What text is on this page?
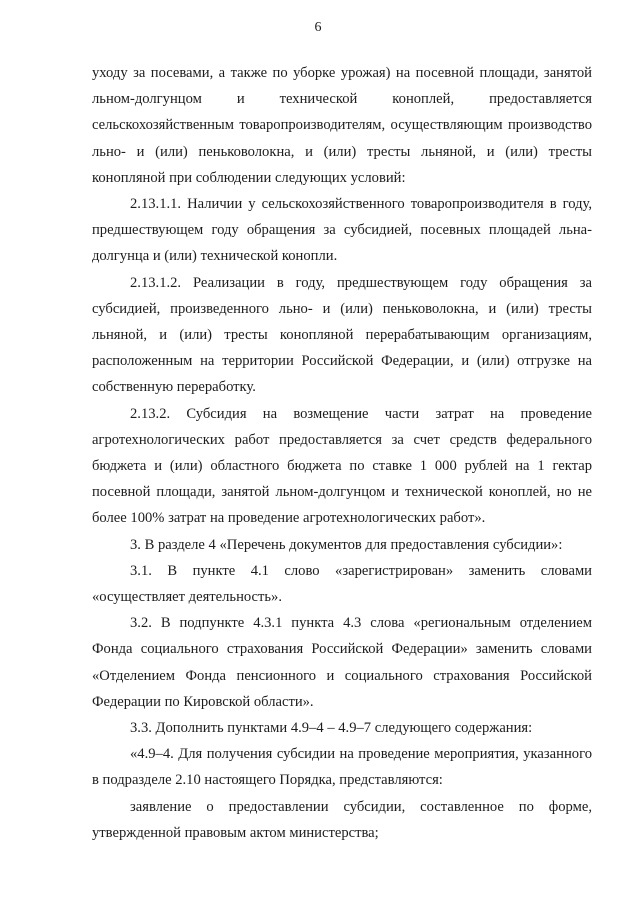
6

уходу за посевами, а также по уборке урожая) на посевной площади, занятой льном-долгунцом и технической коноплей, предоставляется сельскохозяйственным товаропроизводителям, осуществляющим производство льно- и (или) пеньковолокна, и (или) тресты льняной, и (или) тресты конопляной при соблюдении следующих условий:

2.13.1.1. Наличии у сельскохозяйственного товаропроизводителя в году, предшествующем году обращения за субсидией, посевных площадей льна-долгунца и (или) технической конопли.

2.13.1.2. Реализации в году, предшествующем году обращения за субсидией, произведенного льно- и (или) пеньковолокна, и (или) тресты льняной, и (или) тресты конопляной перерабатывающим организациям, расположенным на территории Российской Федерации, и (или) отгрузке на собственную переработку.

2.13.2. Субсидия на возмещение части затрат на проведение агротехнологических работ предоставляется за счет средств федерального бюджета и (или) областного бюджета по ставке 1 000 рублей на 1 гектар посевной площади, занятой льном-долгунцом и технической коноплей, но не более 100% затрат на проведение агротехнологических работ».

3. В разделе 4 «Перечень документов для предоставления субсидии»:

3.1. В пункте 4.1 слово «зарегистрирован» заменить словами «осуществляет деятельность».

3.2. В подпункте 4.3.1 пункта 4.3 слова «региональным отделением Фонда социального страхования Российской Федерации» заменить словами «Отделением Фонда пенсионного и социального страхования Российской Федерации по Кировской области».

3.3. Дополнить пунктами 4.9–4 – 4.9–7 следующего содержания:

«4.9–4. Для получения субсидии на проведение мероприятия, указанного в подразделе 2.10 настоящего Порядка, представляются:

заявление о предоставлении субсидии, составленное по форме, утвержденной правовым актом министерства;
